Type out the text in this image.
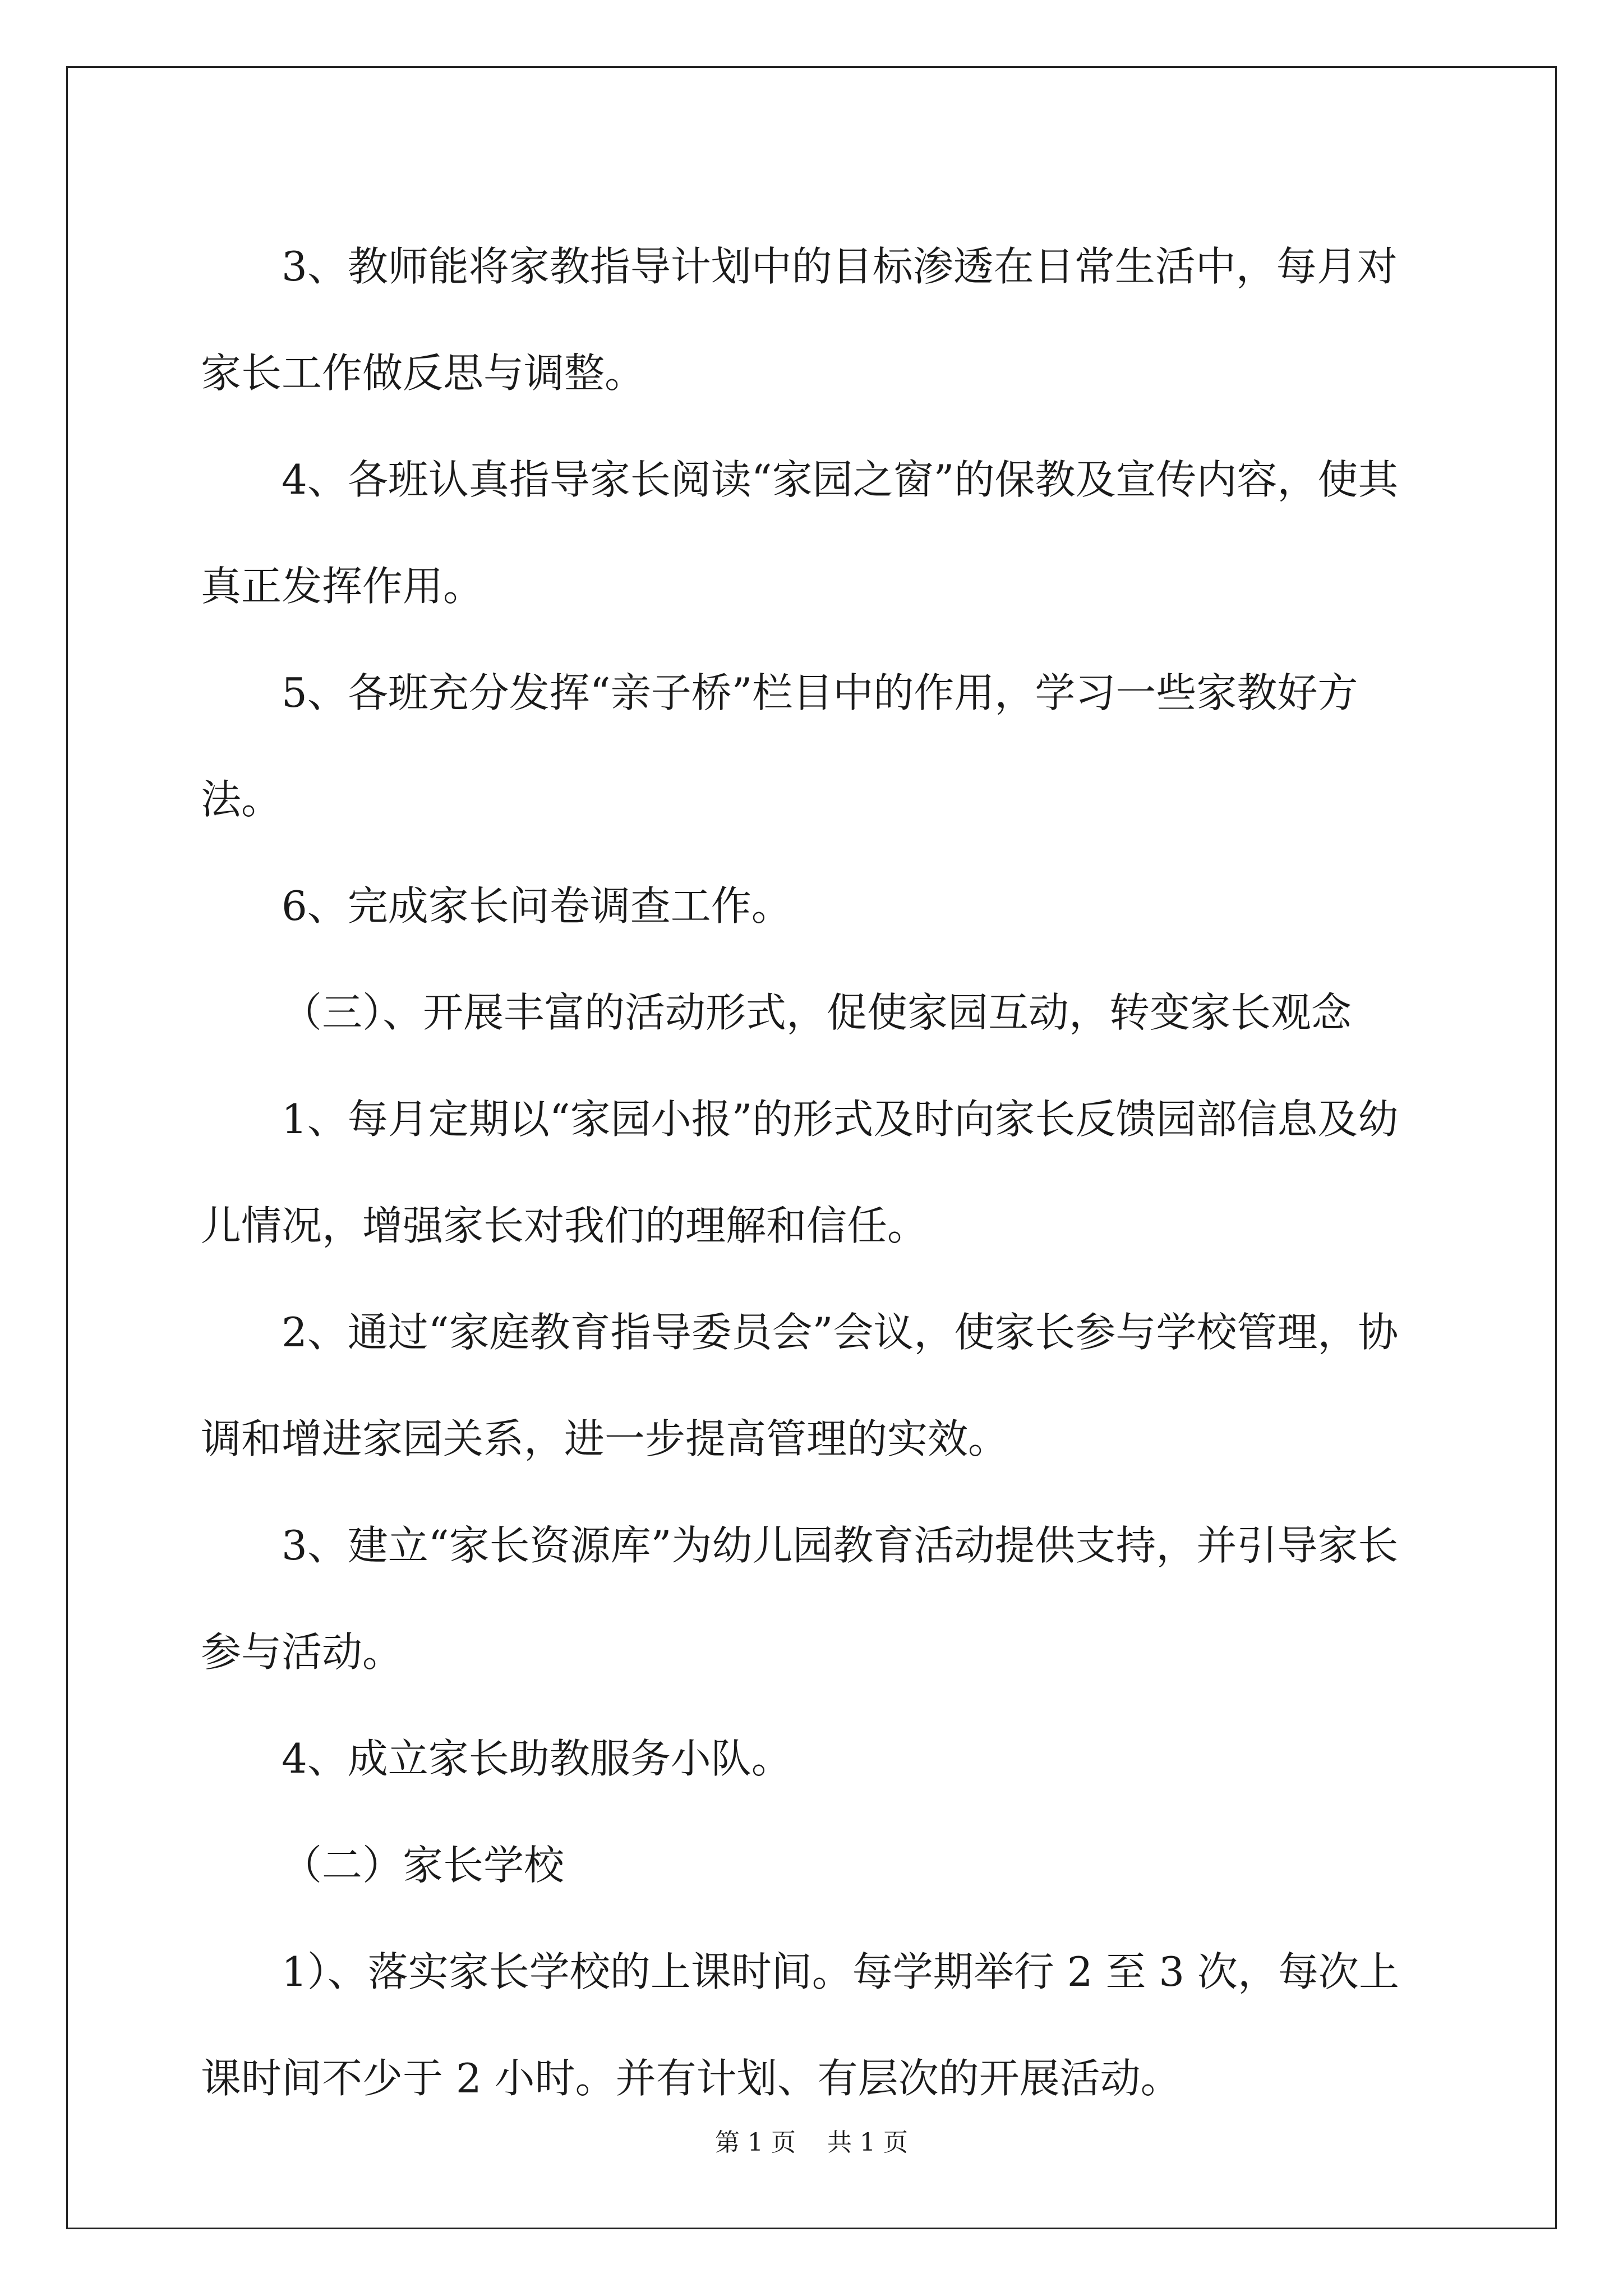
3、教师能将家教指导计划中的目标渗透在日常生活中，每月对家长工作做反思与调整。

4、各班认真指导家长阅读“家园之窗”的保教及宣传内容，使其真正发挥作用。

5、各班充分发挥“亲子桥”栏目中的作用，学习一些家教好方法。

6、完成家长问卷调查工作。

（三）、开展丰富的活动形式，促使家园互动，转变家长观念

1、每月定期以“家园小报”的形式及时向家长反馈园部信息及幼儿情况，增强家长对我们的理解和信任。

2、通过“家庭教育指导委员会”会议，使家长参与学校管理，协调和增进家园关系，进一步提高管理的实效。

3、建立“家长资源库”为幼儿园教育活动提供支持，并引导家长参与活动。

4、成立家长助教服务小队。

（二）家长学校

1）、落实家长学校的上课时间。每学期举行 2 至 3 次，每次上课时间不少于 2 小时。并有计划、有层次的开展活动。

第 1 页 共 1 页
